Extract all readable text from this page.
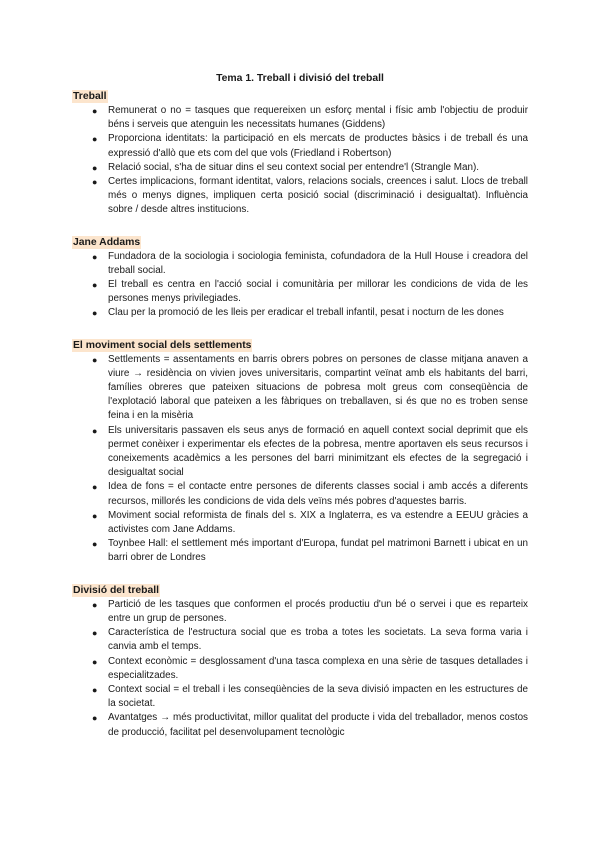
Tema 1. Treball i divisió del treball
Treball
● Remunerat o no = tasques que requereixen un esforç mental i físic amb l'objectiu de produir béns i serveis que atenguin les necessitats humanes (Giddens)
● Proporciona identitats: la participació en els mercats de productes bàsics i de treball és una expressió d'allò que ets com del que vols (Friedland i Robertson)
● Relació social, s'ha de situar dins el seu context social per entendre'l (Strangle Man).
● Certes implicacions, formant identitat, valors, relacions socials, creences i salut. Llocs de treball més o menys dignes, impliquen certa posició social (discriminació i desigualtat). Influència sobre / desde altres institucions.
Jane Addams
● Fundadora de la sociologia i sociologia feminista, cofundadora de la Hull House i creadora del treball social.
● El treball es centra en l'acció social i comunitària per millorar les condicions de vida de les persones menys privilegiades.
● Clau per la promoció de les lleis per eradicar el treball infantil, pesat i nocturn de les dones
El moviment social dels settlements
● Settlements = assentaments en barris obrers pobres on persones de classe mitjana anaven a viure → residència on vivien joves universitaris, compartint veïnat amb els habitants del barri, famílies obreres que pateixen situacions de pobresa molt greus com conseqüència de l'explotació laboral que pateixen a les fàbriques on treballaven, si és que no es troben sense feina i en la misèria
● Els universitaris passaven els seus anys de formació en aquell context social deprimit que els permet conèixer i experimentar els efectes de la pobresa, mentre aportaven els seus recursos i coneixements acadèmics a les persones del barri minimitzant els efectes de la segregació i desigualtat social
● Idea de fons = el contacte entre persones de diferents classes social i amb accés a diferents recursos, millorés les condicions de vida dels veïns més pobres d'aquestes barris.
● Moviment social reformista de finals del s. XIX a Inglaterra, es va estendre a EEUU gràcies a activistes com Jane Addams.
● Toynbee Hall: el settlement més important d'Europa, fundat pel matrimoni Barnett i ubicat en un barri obrer de Londres
Divisió del treball
● Partició de les tasques que conformen el procés productiu d'un bé o servei i que es reparteix entre un grup de persones.
● Característica de l'estructura social que es troba a totes les societats. La seva forma varia i canvia amb el temps.
● Context econòmic = desglossament d'una tasca complexa en una sèrie de tasques detallades i especialitzades.
● Context social = el treball i les conseqüències de la seva divisió impacten en les estructures de la societat.
● Avantatges → més productivitat, millor qualitat del producte i vida del treballador, menos costos de producció, facilitat pel desenvolupament tecnològic
